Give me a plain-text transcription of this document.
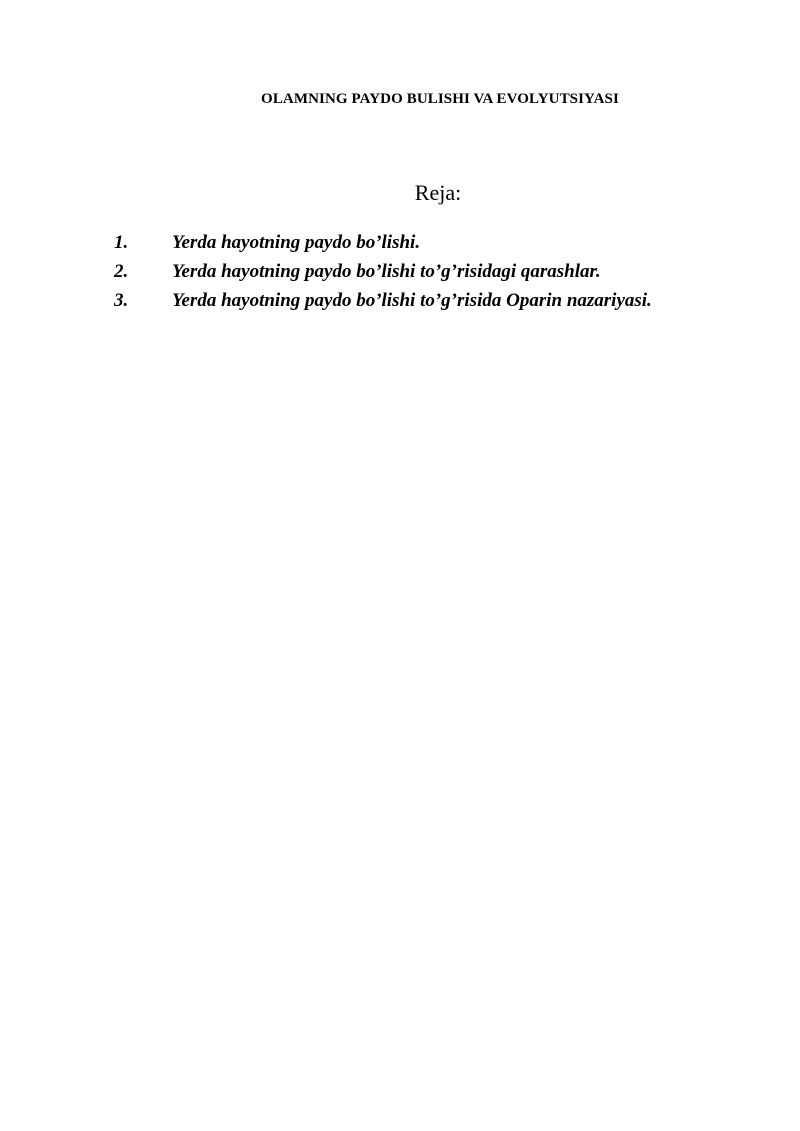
OLAMNING PAYDO BULISHI VA EVOLYUTSIYASI
Reja:
1. Yerda hayotning paydo bo’lishi.
2. Yerda hayotning paydo bo’lishi to’g’risidagi qarashlar.
3. Yerda hayotning paydo bo’lishi to’g’risida Oparin nazariyasi.
